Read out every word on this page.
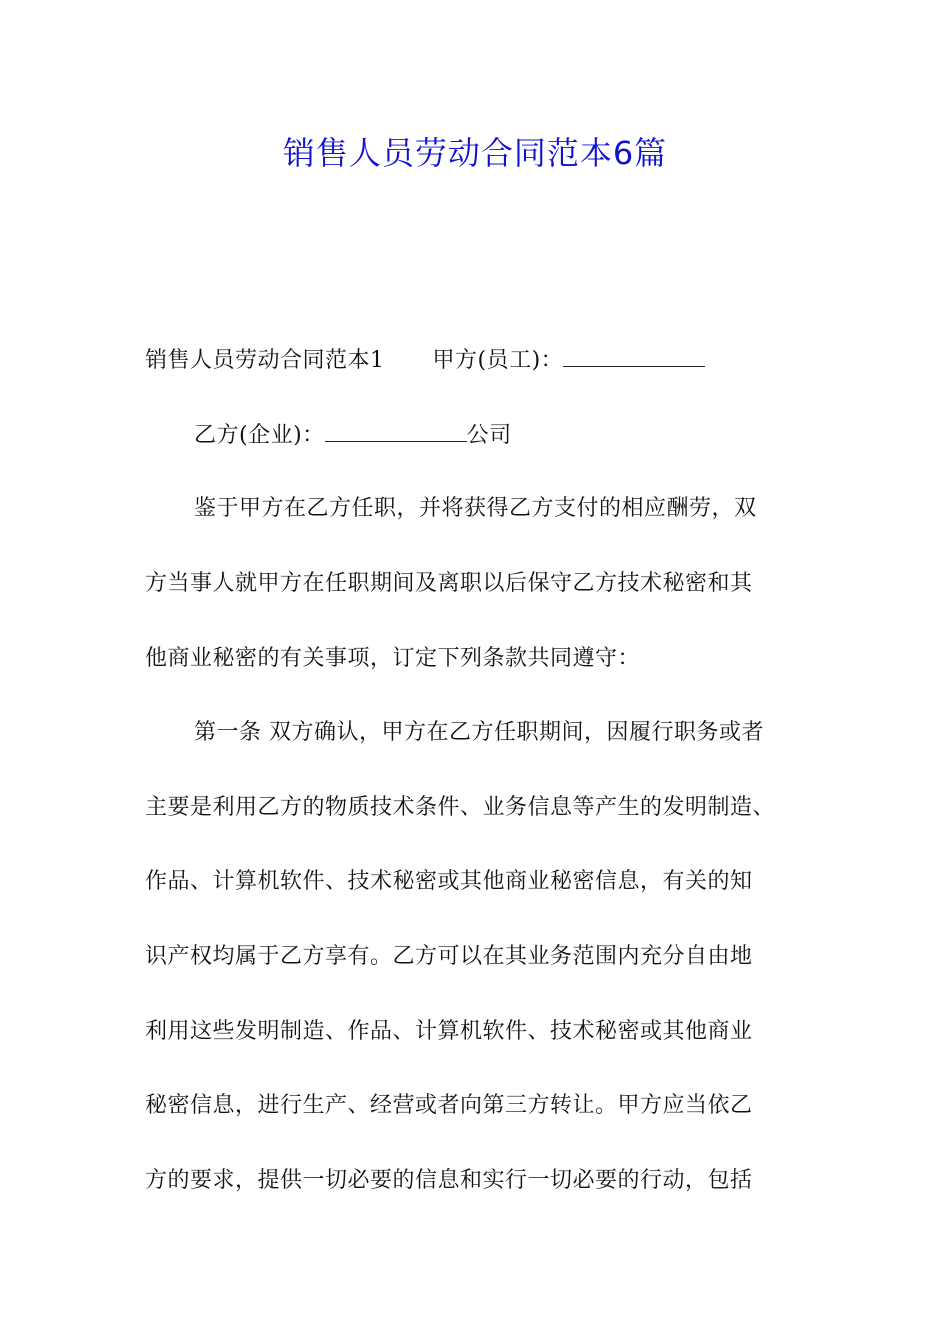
销售人员劳动合同范本6篇
销售人员劳动合同范本1 甲方(员工)：
乙方(企业)：	公司
鉴于甲方在乙方任职，并将获得乙方支付的相应酬劳，双
方当事人就甲方在任职期间及离职以后保守乙方技术秘密和其
他商业秘密的有关事项，订定下列条款共同遵守：
第一条 双方确认，甲方在乙方任职期间，因履行职务或者
主要是利用乙方的物质技术条件、业务信息等产生的发明制造、
作品、计算机软件、技术秘密或其他商业秘密信息，有关的知
识产权均属于乙方享有。乙方可以在其业务范围内充分自由地
利用这些发明制造、作品、计算机软件、技术秘密或其他商业
秘密信息，进行生产、经营或者向第三方转让。甲方应当依乙
方的要求，提供一切必要的信息和实行一切必要的行动，包括
